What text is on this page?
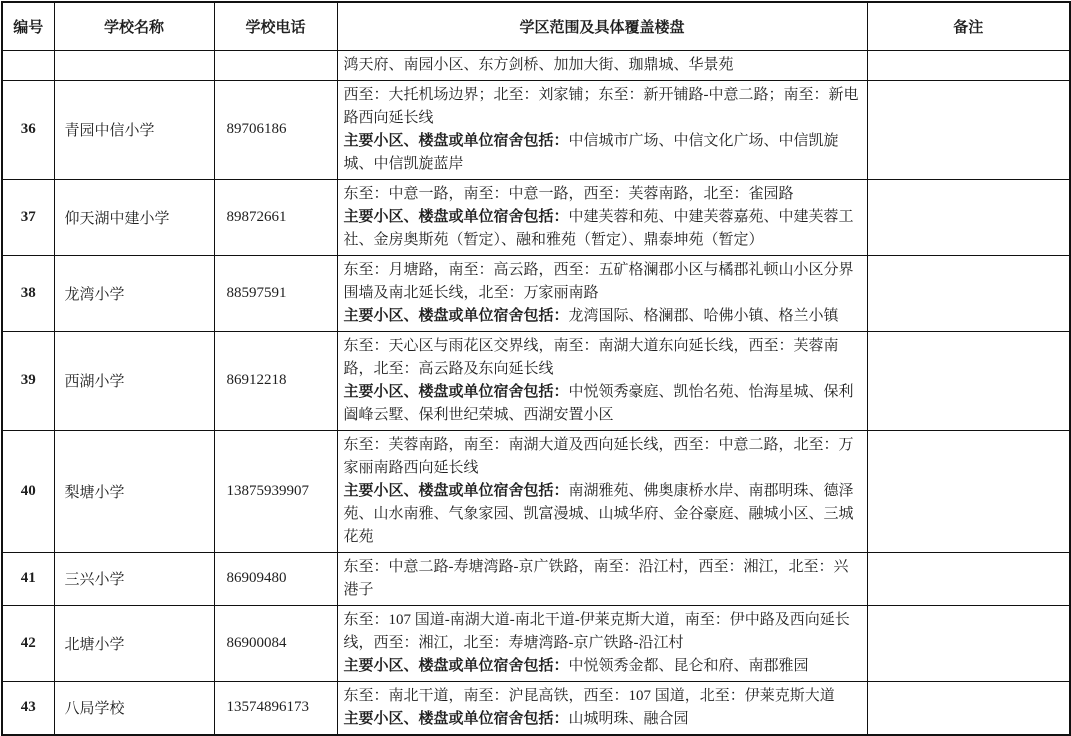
编号	学校名称	学校电话	学区范围及具体覆盖楼盘	备注

			鸿天府、南园小区、东方剑桥、加加大街、珈鼎城、华景苑	

36	青园中信小学	89706186	西至：大托机场边界；北至：刘家铺；东至：新开铺路-中意二路；南至：新电路西向延长线
主要小区、楼盘或单位宿舍包括：中信城市广场、中信文化广场、中信凯旋城、中信凯旋蓝岸	

37	仰天湖中建小学	89872661	东至：中意一路，南至：中意一路，西至：芙蓉南路，北至：雀园路
主要小区、楼盘或单位宿舍包括：中建芙蓉和苑、中建芙蓉嘉苑、中建芙蓉工社、金房奥斯苑（暂定）、融和雅苑（暂定）、鼎泰坤苑（暂定）	

38	龙湾小学	88597591	东至：月塘路，南至：高云路，西至：五矿格澜郡小区与橘郡礼顿山小区分界围墙及南北延长线，北至：万家丽南路
主要小区、楼盘或单位宿舍包括：龙湾国际、格澜郡、哈佛小镇、格兰小镇	

39	西湖小学	86912218	东至：天心区与雨花区交界线，南至：南湖大道东向延长线，西至：芙蓉南路，北至：高云路及东向延长线
主要小区、楼盘或单位宿舍包括：中悦领秀豪庭、凯怡名苑、怡海星城、保利阖峰云墅、保利世纪荣城、西湖安置小区	

40	梨塘小学	13875939907	东至：芙蓉南路，南至：南湖大道及西向延长线，西至：中意二路，北至：万家丽南路西向延长线
主要小区、楼盘或单位宿舍包括：南湖雅苑、佛奥康桥水岸、南郡明珠、德泽苑、山水南雅、气象家园、凯富漫城、山城华府、金谷豪庭、融城小区、三城花苑	

41	三兴小学	86909480	东至：中意二路-寿塘湾路-京广铁路，南至：沿江村，西至：湘江，北至：兴港子	

42	北塘小学	86900084	东至：107 国道-南湖大道-南北干道-伊莱克斯大道，南至：伊中路及西向延长线，西至：湘江，北至：寿塘湾路-京广铁路-沿江村
主要小区、楼盘或单位宿舍包括：中悦领秀金都、昆仑和府、南郡雅园	

43	八局学校	13574896173	东至：南北干道，南至：沪昆高铁，西至：107 国道，北至：伊莱克斯大道
主要小区、楼盘或单位宿舍包括：山城明珠、融合园	
